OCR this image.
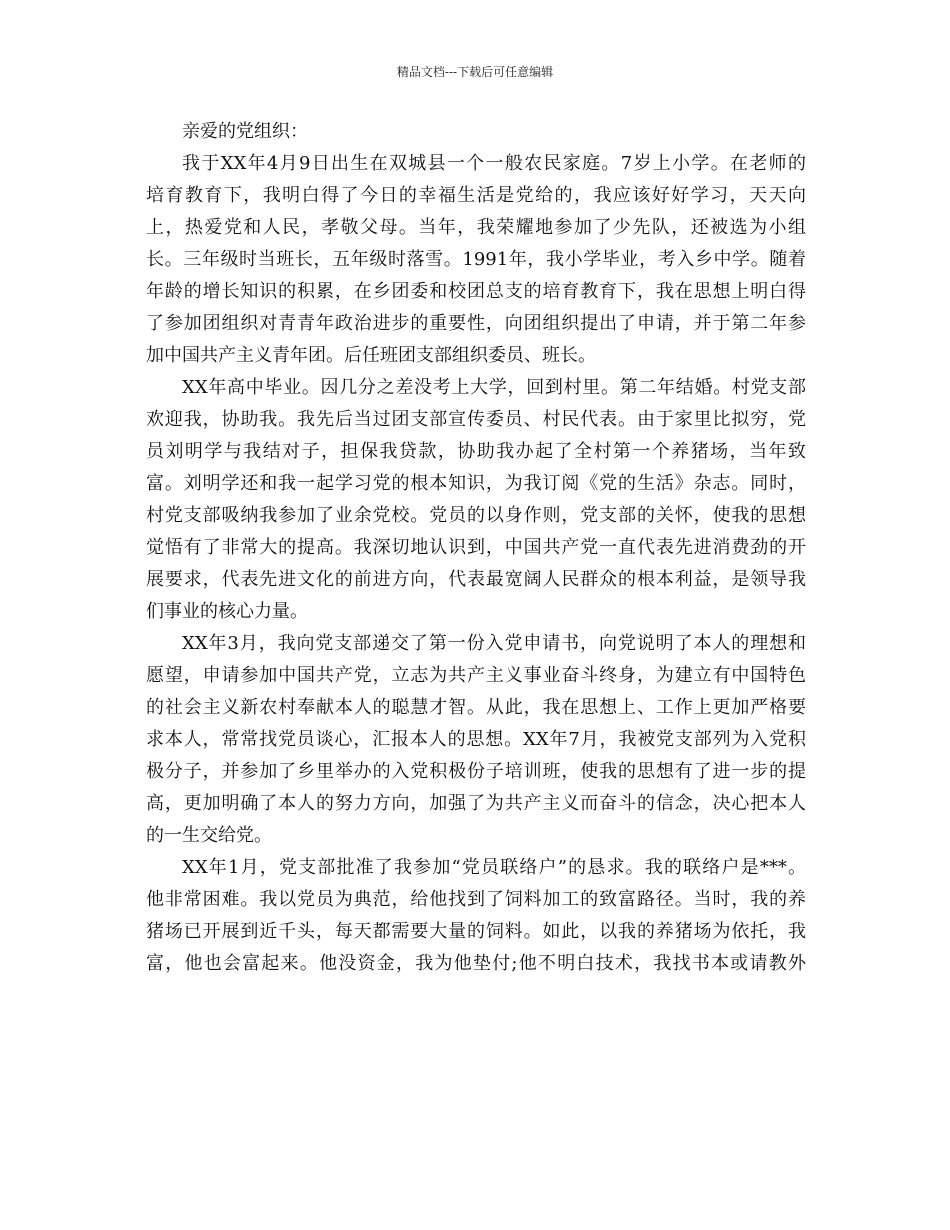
精品文档---下载后可任意编辑

亲爱的党组织：

我于XX年4月9日出生在双城县一个一般农民家庭。7岁上小学。在老师的
培育教育下，我明白得了今日的幸福生活是党给的，我应该好好学习，天天向
上，热爱党和人民，孝敬父母。当年，我荣耀地参加了少先队，还被选为小组
长。三年级时当班长，五年级时落雪。1991年，我小学毕业，考入乡中学。随着
年龄的增长知识的积累，在乡团委和校团总支的培育教育下，我在思想上明白得
了参加团组织对青青年政治进步的重要性，向团组织提出了申请，并于第二年参
加中国共产主义青年团。后任班团支部组织委员、班长。
XX年高中毕业。因几分之差没考上大学，回到村里。第二年结婚。村党支部
欢迎我，协助我。我先后当过团支部宣传委员、村民代表。由于家里比拟穷，党
员刘明学与我结对子，担保我贷款，协助我办起了全村第一个养猪场，当年致
富。刘明学还和我一起学习党的根本知识，为我订阅《党的生活》杂志。同时，
村党支部吸纳我参加了业余党校。党员的以身作则，党支部的关怀，使我的思想
觉悟有了非常大的提高。我深切地认识到，中国共产党一直代表先进消费劲的开
展要求，代表先进文化的前进方向，代表最宽阔人民群众的根本利益，是领导我
们事业的核心力量。
XX年3月，我向党支部递交了第一份入党申请书，向党说明了本人的理想和
愿望，申请参加中国共产党，立志为共产主义事业奋斗终身，为建立有中国特色
的社会主义新农村奉献本人的聪慧才智。从此，我在思想上、工作上更加严格要
求本人，常常找党员谈心，汇报本人的思想。XX年7月，我被党支部列为入党积
极分子，并参加了乡里举办的入党积极份子培训班，使我的思想有了进一步的提
高，更加明确了本人的努力方向，加强了为共产主义而奋斗的信念，决心把本人
的一生交给党。
XX年1月，党支部批准了我参加“党员联络户”的恳求。我的联络户是***。
他非常困难。我以党员为典范，给他找到了饲料加工的致富路径。当时，我的养
猪场已开展到近千头，每天都需要大量的饲料。如此，以我的养猪场为依托，我
富，他也会富起来。他没资金，我为他垫付;他不明白技术，我找书本或请教外
